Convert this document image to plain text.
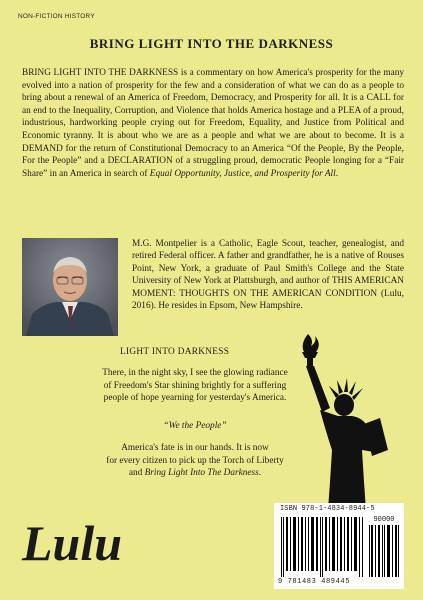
NON-FICTION HISTORY
BRING LIGHT INTO THE DARKNESS

BRING LIGHT INTO THE DARKNESS is a commentary on how America's prosperity for the many evolved into a nation of prosperity for the few and a consideration of what we can do as a people to bring about a renewal of an America of Freedom, Democracy, and Prosperity for all. It is a CALL for an end to the Inequality, Corruption, and Violence that holds America hostage and a PLEA of a proud, industrious, hardworking people crying out for Freedom, Equality, and Justice from Political and Economic tyranny. It is about who we are as a people and what we are about to become. It is a DEMAND for the return of Constitutional Democracy to an America “Of the People, By the People, For the People” and a DECLARATION of a struggling proud, democratic People longing for a “Fair Share” in an America in search of Equal Opportunity, Justice, and Prosperity for All.

M.G. Montpelier is a Catholic, Eagle Scout, teacher, genealogist, and retired Federal officer. A father and grandfather, he is a native of Rouses Point, New York, a graduate of Paul Smith's College and the State University of New York at Plattsburgh, and author of THIS AMERICAN MOMENT: THOUGHTS ON THE AMERICAN CONDITION (Lulu, 2016). He resides in Epsom, New Hampshire.

LIGHT INTO DARKNESS

There, in the night sky, I see the glowing radiance
of Freedom's Star shining brightly for a suffering
people of hope yearning for yesterday's America.

“We the People”

America's fate is in our hands. It is now
for every citizen to pick up the Torch of Liberty
and Bring Light Into The Darkness.

Lulu
ISBN 978-1-4834-8944-5
90000
9 781483 489445
